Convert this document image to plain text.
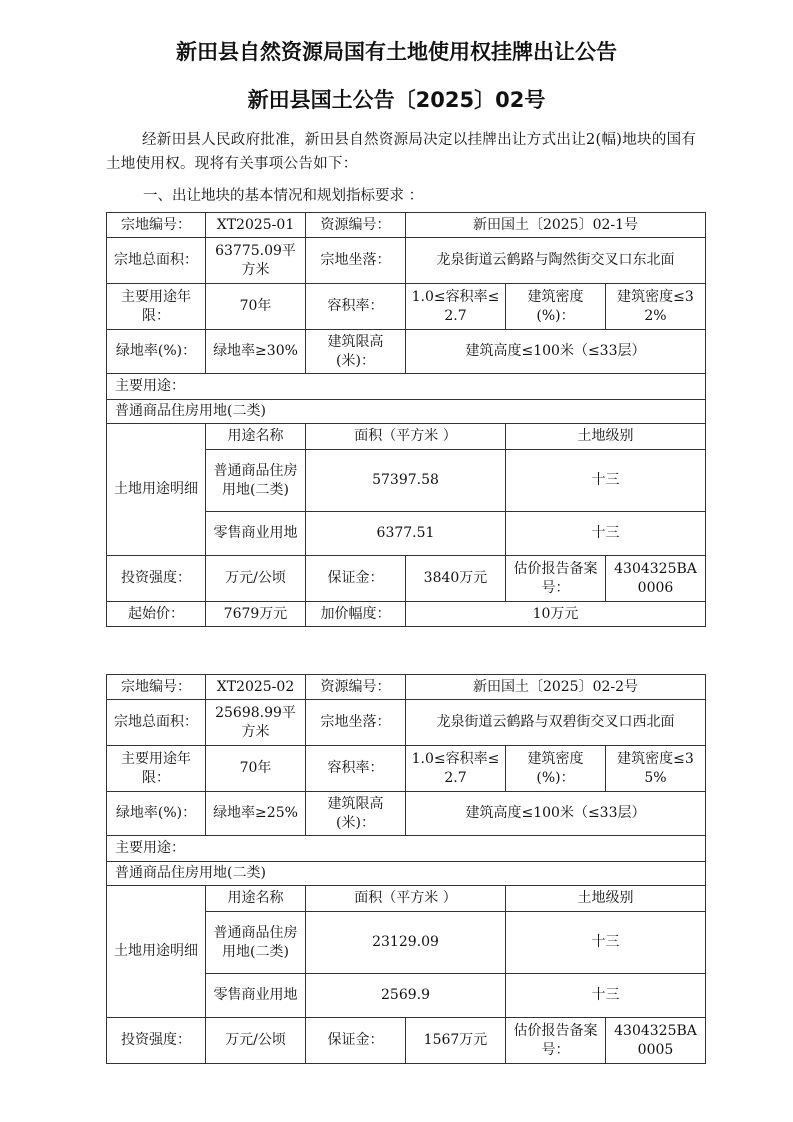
新田县自然资源局国有土地使用权挂牌出让公告
新田县国土公告〔2025〕02号
经新田县人民政府批准，新田县自然资源局决定以挂牌出让方式出让2(幅)地块的国有土地使用权。现将有关事项公告如下：
一、出让地块的基本情况和规划指标要求 ：
宗地编号：	XT2025-01	资源编号：	新田国土〔2025〕02-1号		
宗地总面积：	63775.09平方米	宗地坐落：	龙泉街道云鹤路与陶然街交叉口东北面		
主要用途年限：	70年	容积率：	1.0≤容积率≤2.7	建筑密度(%)：	建筑密度≤32%
绿地率(%)：	绿地率≥30%	建筑限高(米)：	建筑高度≤100米（≤33层）		
主要用途：					
普通商品住房用地(二类)					
土地用途明细	用途名称	面积（平方米 ）		土地级别	
	普通商品住房用地(二类)	57397.58		十三	
	零售商业用地	6377.51		十三	
投资强度：	万元/公顷	保证金：	3840万元	估价报告备案号：	4304325BA0006
起始价：	7679万元	加价幅度：	10万元		
宗地编号：	XT2025-02	资源编号：	新田国土〔2025〕02-2号		
宗地总面积：	25698.99平方米	宗地坐落：	龙泉街道云鹤路与双碧街交叉口西北面		
主要用途年限：	70年	容积率：	1.0≤容积率≤2.7	建筑密度(%)：	建筑密度≤35%
绿地率(%)：	绿地率≥25%	建筑限高(米)：	建筑高度≤100米（≤33层）		
主要用途：					
普通商品住房用地(二类)					
土地用途明细	用途名称	面积（平方米 ）		土地级别	
	普通商品住房用地(二类)	23129.09		十三	
	零售商业用地	2569.9		十三	
投资强度：	万元/公顷	保证金：	1567万元	估价报告备案号：	4304325BA0005
